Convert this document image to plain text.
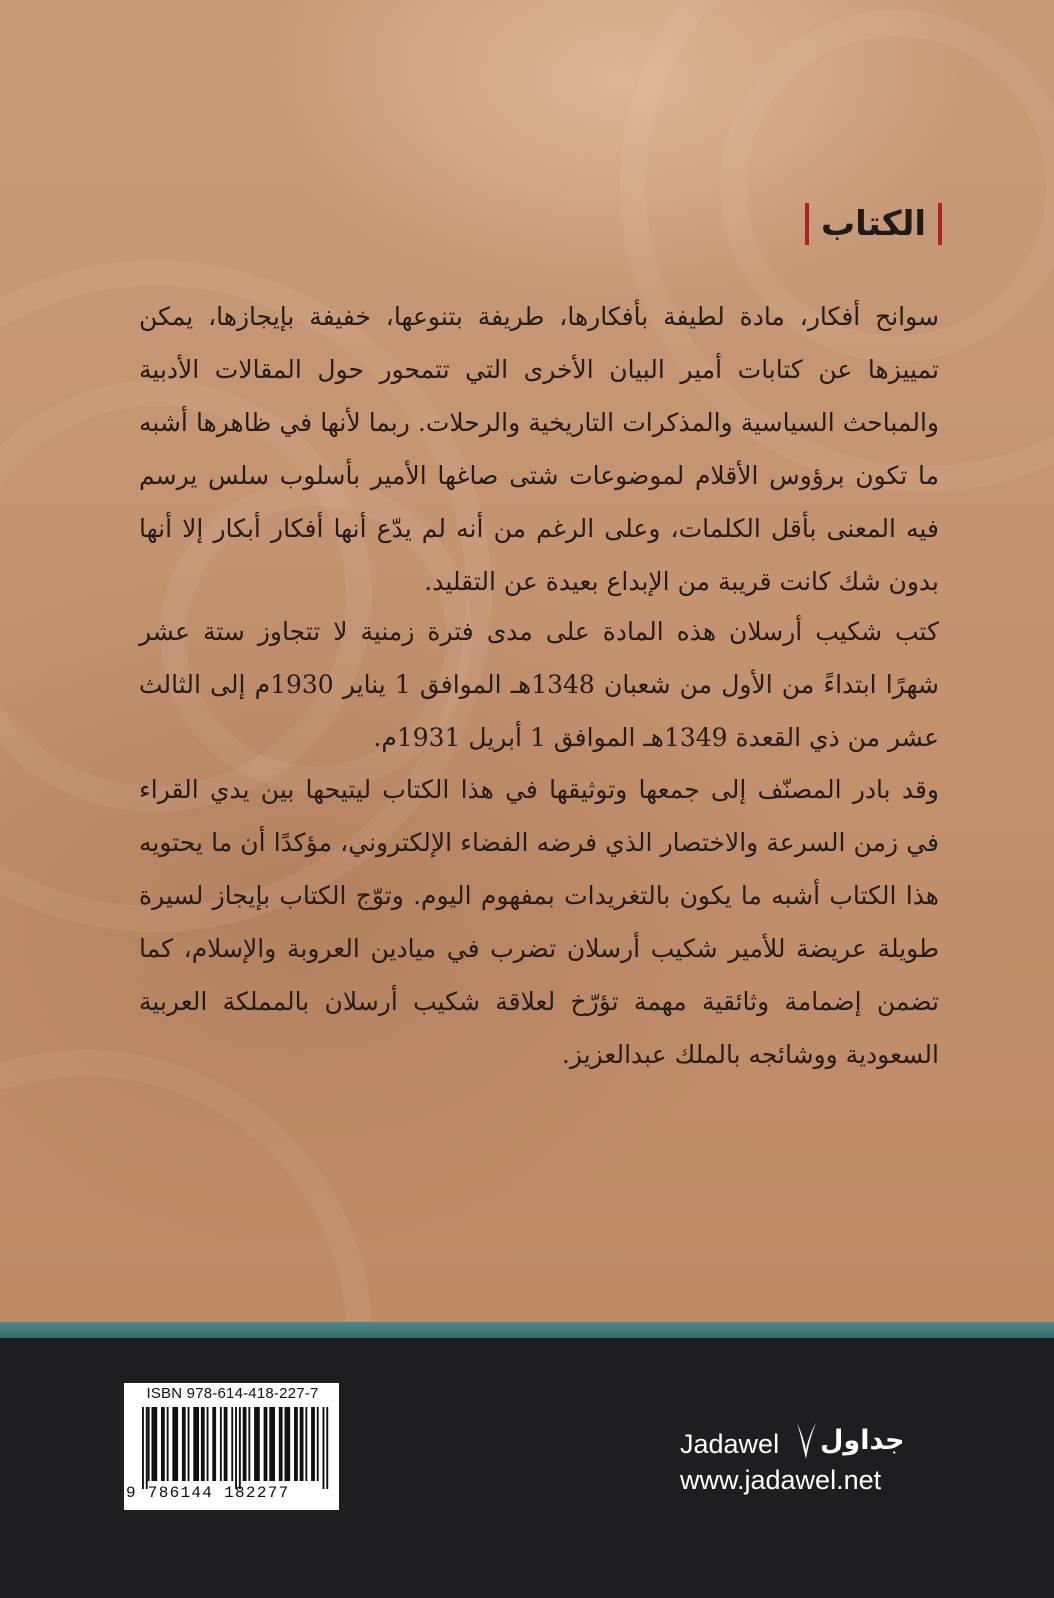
الكتاب
سوانح أفكار، مادة لطيفة بأفكارها، طريفة بتنوعها، خفيفة بإيجازها، يمكن تمييزها عن كتابات أمير البيان الأخرى التي تتمحور حول المقالات الأدبية والمباحث السياسية والمذكرات التاريخية والرحلات. ربما لأنها في ظاهرها أشبه ما تكون برؤوس الأقلام لموضوعات شتى صاغها الأمير بأسلوب سلس يرسم فيه المعنى بأقل الكلمات، وعلى الرغم من أنه لم يدّع أنها أفكار أبكار إلا أنها بدون شك كانت قريبة من الإبداع بعيدة عن التقليد.
كتب شكيب أرسلان هذه المادة على مدى فترة زمنية لا تتجاوز ستة عشر شهرًا ابتداءً من الأول من شعبان 1348هـ الموافق 1 يناير 1930م إلى الثالث عشر من ذي القعدة 1349هـ الموافق 1 أبريل 1931م.
وقد بادر المصنّف إلى جمعها وتوثيقها في هذا الكتاب ليتيحها بين يدي القراء في زمن السرعة والاختصار الذي فرضه الفضاء الإلكتروني، مؤكدًا أن ما يحتويه هذا الكتاب أشبه ما يكون بالتغريدات بمفهوم اليوم. وتوّج الكتاب بإيجاز لسيرة طويلة عريضة للأمير شكيب أرسلان تضرب في ميادين العروبة والإسلام، كما تضمن إضمامة وثائقية مهمة تؤرّخ لعلاقة شكيب أرسلان بالمملكة العربية السعودية ووشائجه بالملك عبدالعزيز.
ISBN 978-614-418-227-7
9 786144 182277
Jadawel جداول
www.jadawel.net
